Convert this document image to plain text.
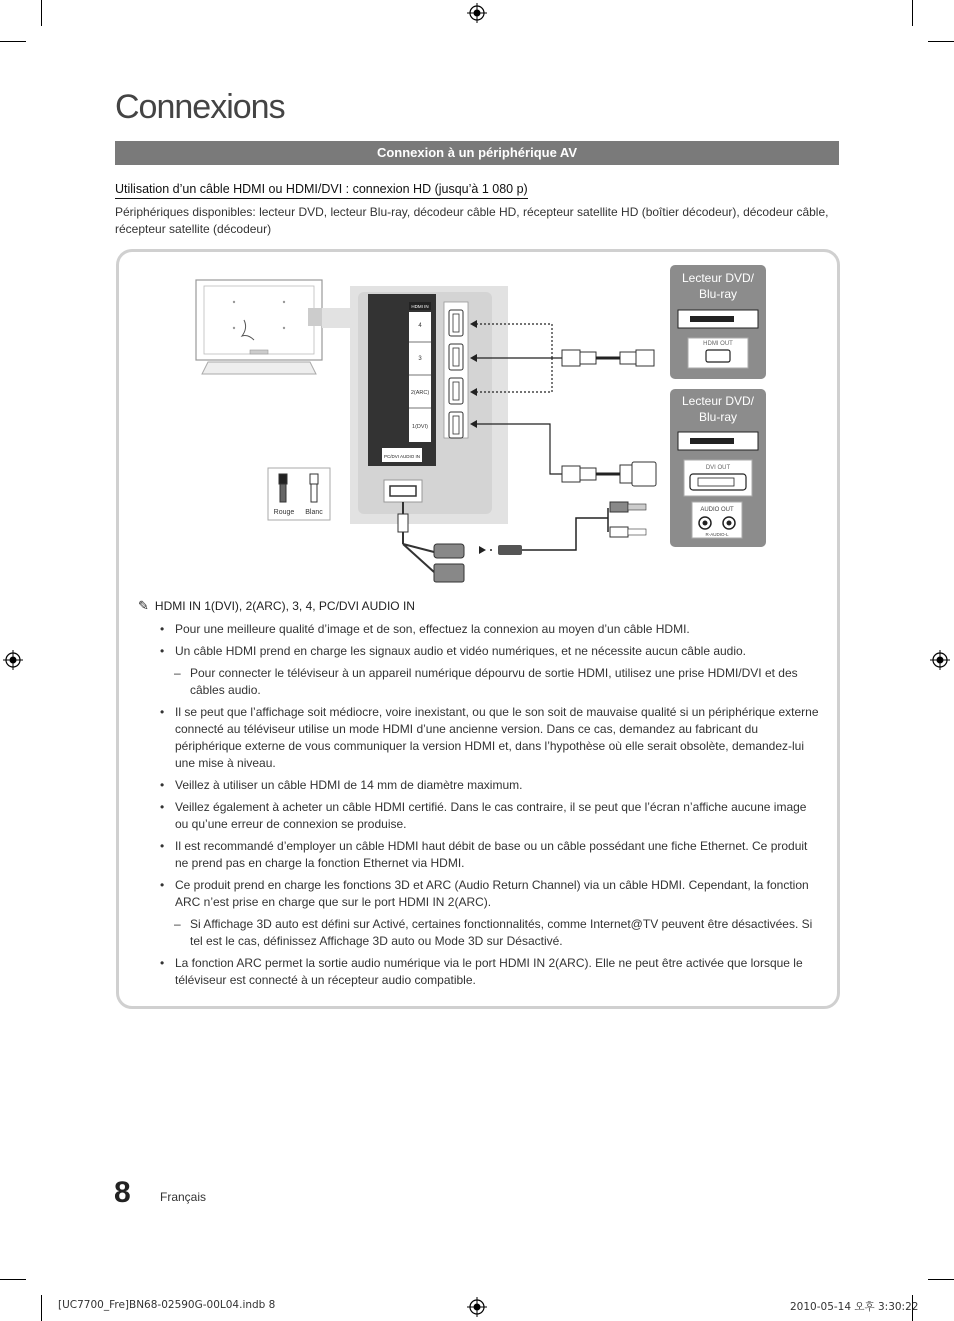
Connexions
Connexion à un périphérique AV
Utilisation d’un câble HDMI ou HDMI/DVI : connexion HD (jusqu’à 1 080 p)
Périphériques disponibles: lecteur DVD, lecteur Blu-ray, décodeur câble HD, récepteur satellite HD (boîtier décodeur), décodeur câble, récepteur satellite (décodeur)
HDMI IN
4
3
2(ARC)
1(DVI)
PC/DVI AUDIO IN
Rouge Blanc
Lecteur DVD/ Blu-ray
HDMI OUT
Lecteur DVD/ Blu-ray
DVI OUT
AUDIO OUT
R-AUDIO-L
✎ HDMI IN 1(DVI), 2(ARC), 3, 4, PC/DVI AUDIO IN
• Pour une meilleure qualité d’image et de son, effectuez la connexion au moyen d’un câble HDMI.
• Un câble HDMI prend en charge les signaux audio et vidéo numériques, et ne nécessite aucun câble audio.
– Pour connecter le téléviseur à un appareil numérique dépourvu de sortie HDMI, utilisez une prise HDMI/DVI et des câbles audio.
• Il se peut que l’affichage soit médiocre, voire inexistant, ou que le son soit de mauvaise qualité si un périphérique externe connecté au téléviseur utilise un mode HDMI d’une ancienne version. Dans ce cas, demandez au fabricant du périphérique externe de vous communiquer la version HDMI et, dans l’hypothèse où elle serait obsolète, demandez-lui une mise à niveau.
• Veillez à utiliser un câble HDMI de 14 mm de diamètre maximum.
• Veillez également à acheter un câble HDMI certifié. Dans le cas contraire, il se peut que l’écran n’affiche aucune image ou qu’une erreur de connexion se produise.
• Il est recommandé d’employer un câble HDMI haut débit de base ou un câble possédant une fiche Ethernet. Ce produit ne prend pas en charge la fonction Ethernet via HDMI.
• Ce produit prend en charge les fonctions 3D et ARC (Audio Return Channel) via un câble HDMI. Cependant, la fonction ARC n’est prise en charge que sur le port HDMI IN 2(ARC).
– Si Affichage 3D auto est défini sur Activé, certaines fonctionnalités, comme Internet@TV peuvent être désactivées. Si tel est le cas, définissez Affichage 3D auto ou Mode 3D sur Désactivé.
• La fonction ARC permet la sortie audio numérique via le port HDMI IN 2(ARC). Elle ne peut être activée que lorsque le téléviseur est connecté à un récepteur audio compatible.
8 Français
[UC7700_Fre]BN68-02590G-00L04.indb 8	2010-05-14 오후 3:30:22
